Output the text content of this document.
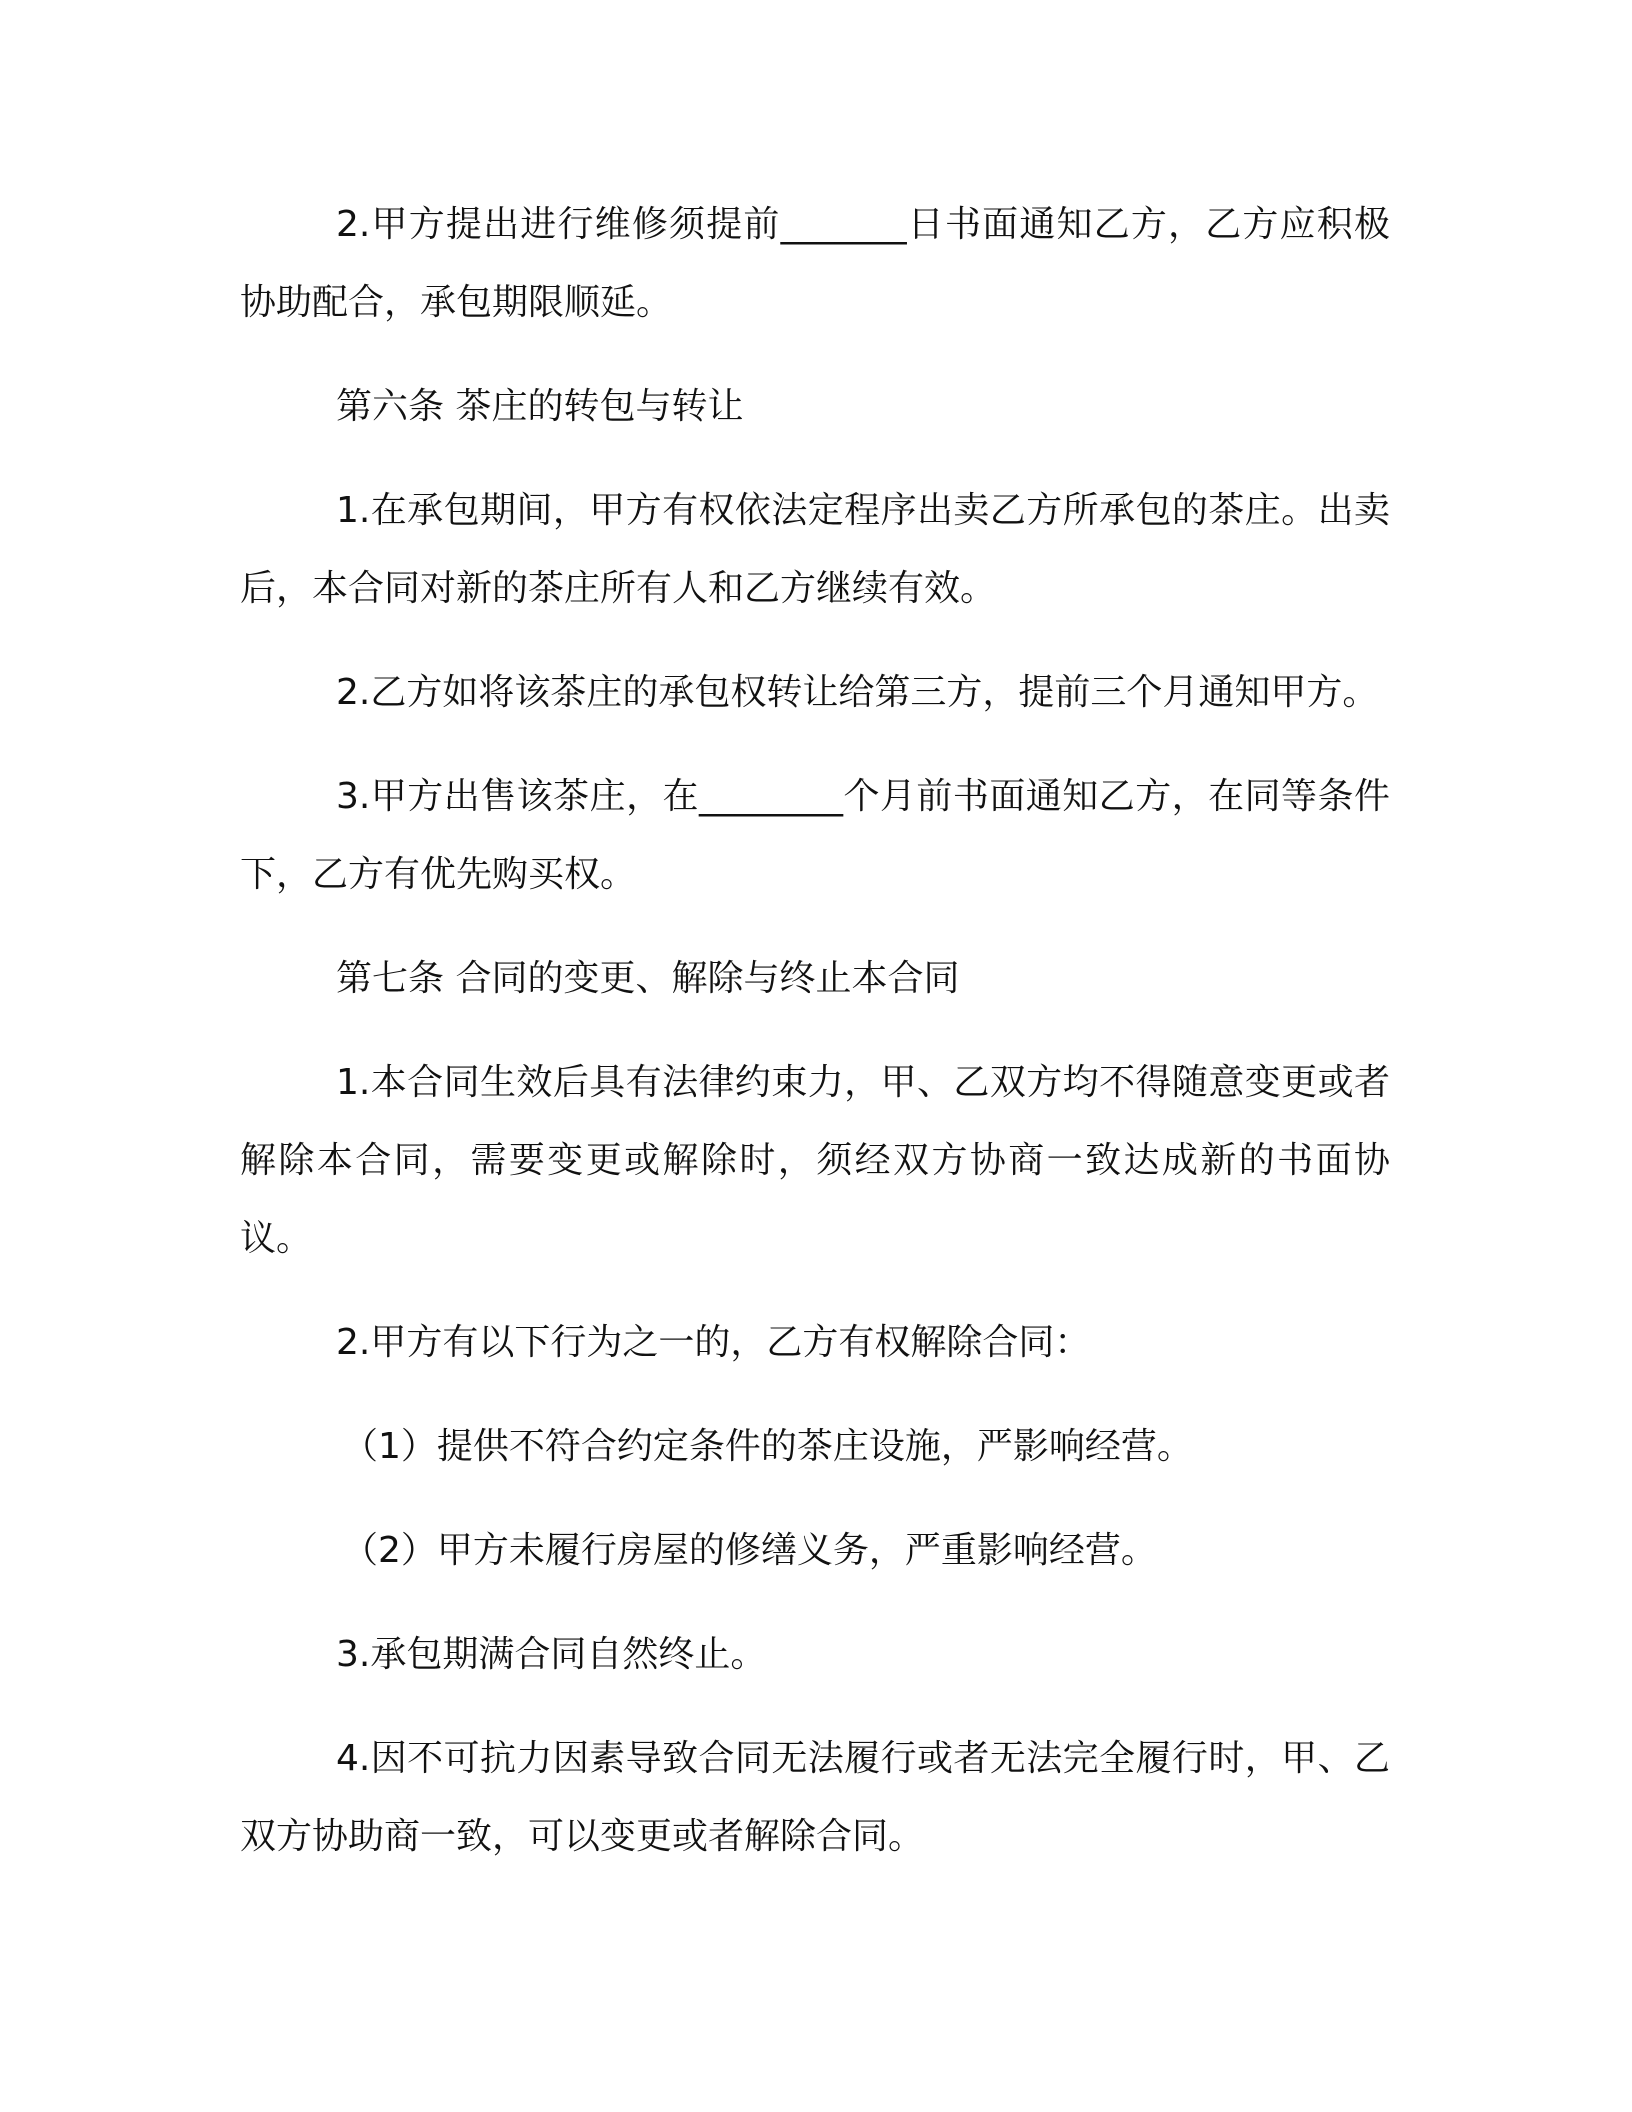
2.甲方提出进行维修须提前_______日书面通知乙方，乙方应积极协助配合，承包期限顺延。

第六条 茶庄的转包与转让

1.在承包期间，甲方有权依法定程序出卖乙方所承包的茶庄。出卖后，本合同对新的茶庄所有人和乙方继续有效。

2.乙方如将该茶庄的承包权转让给第三方，提前三个月通知甲方。

3.甲方出售该茶庄，在________个月前书面通知乙方，在同等条件下，乙方有优先购买权。

第七条 合同的变更、解除与终止本合同

1.本合同生效后具有法律约束力，甲、乙双方均不得随意变更或者解除本合同，需要变更或解除时，须经双方协商一致达成新的书面协议。

2.甲方有以下行为之一的，乙方有权解除合同：

（1）提供不符合约定条件的茶庄设施，严影响经营。

（2）甲方未履行房屋的修缮义务，严重影响经营。

3.承包期满合同自然终止。

4.因不可抗力因素导致合同无法履行或者无法完全履行时，甲、乙双方协助商一致，可以变更或者解除合同。
